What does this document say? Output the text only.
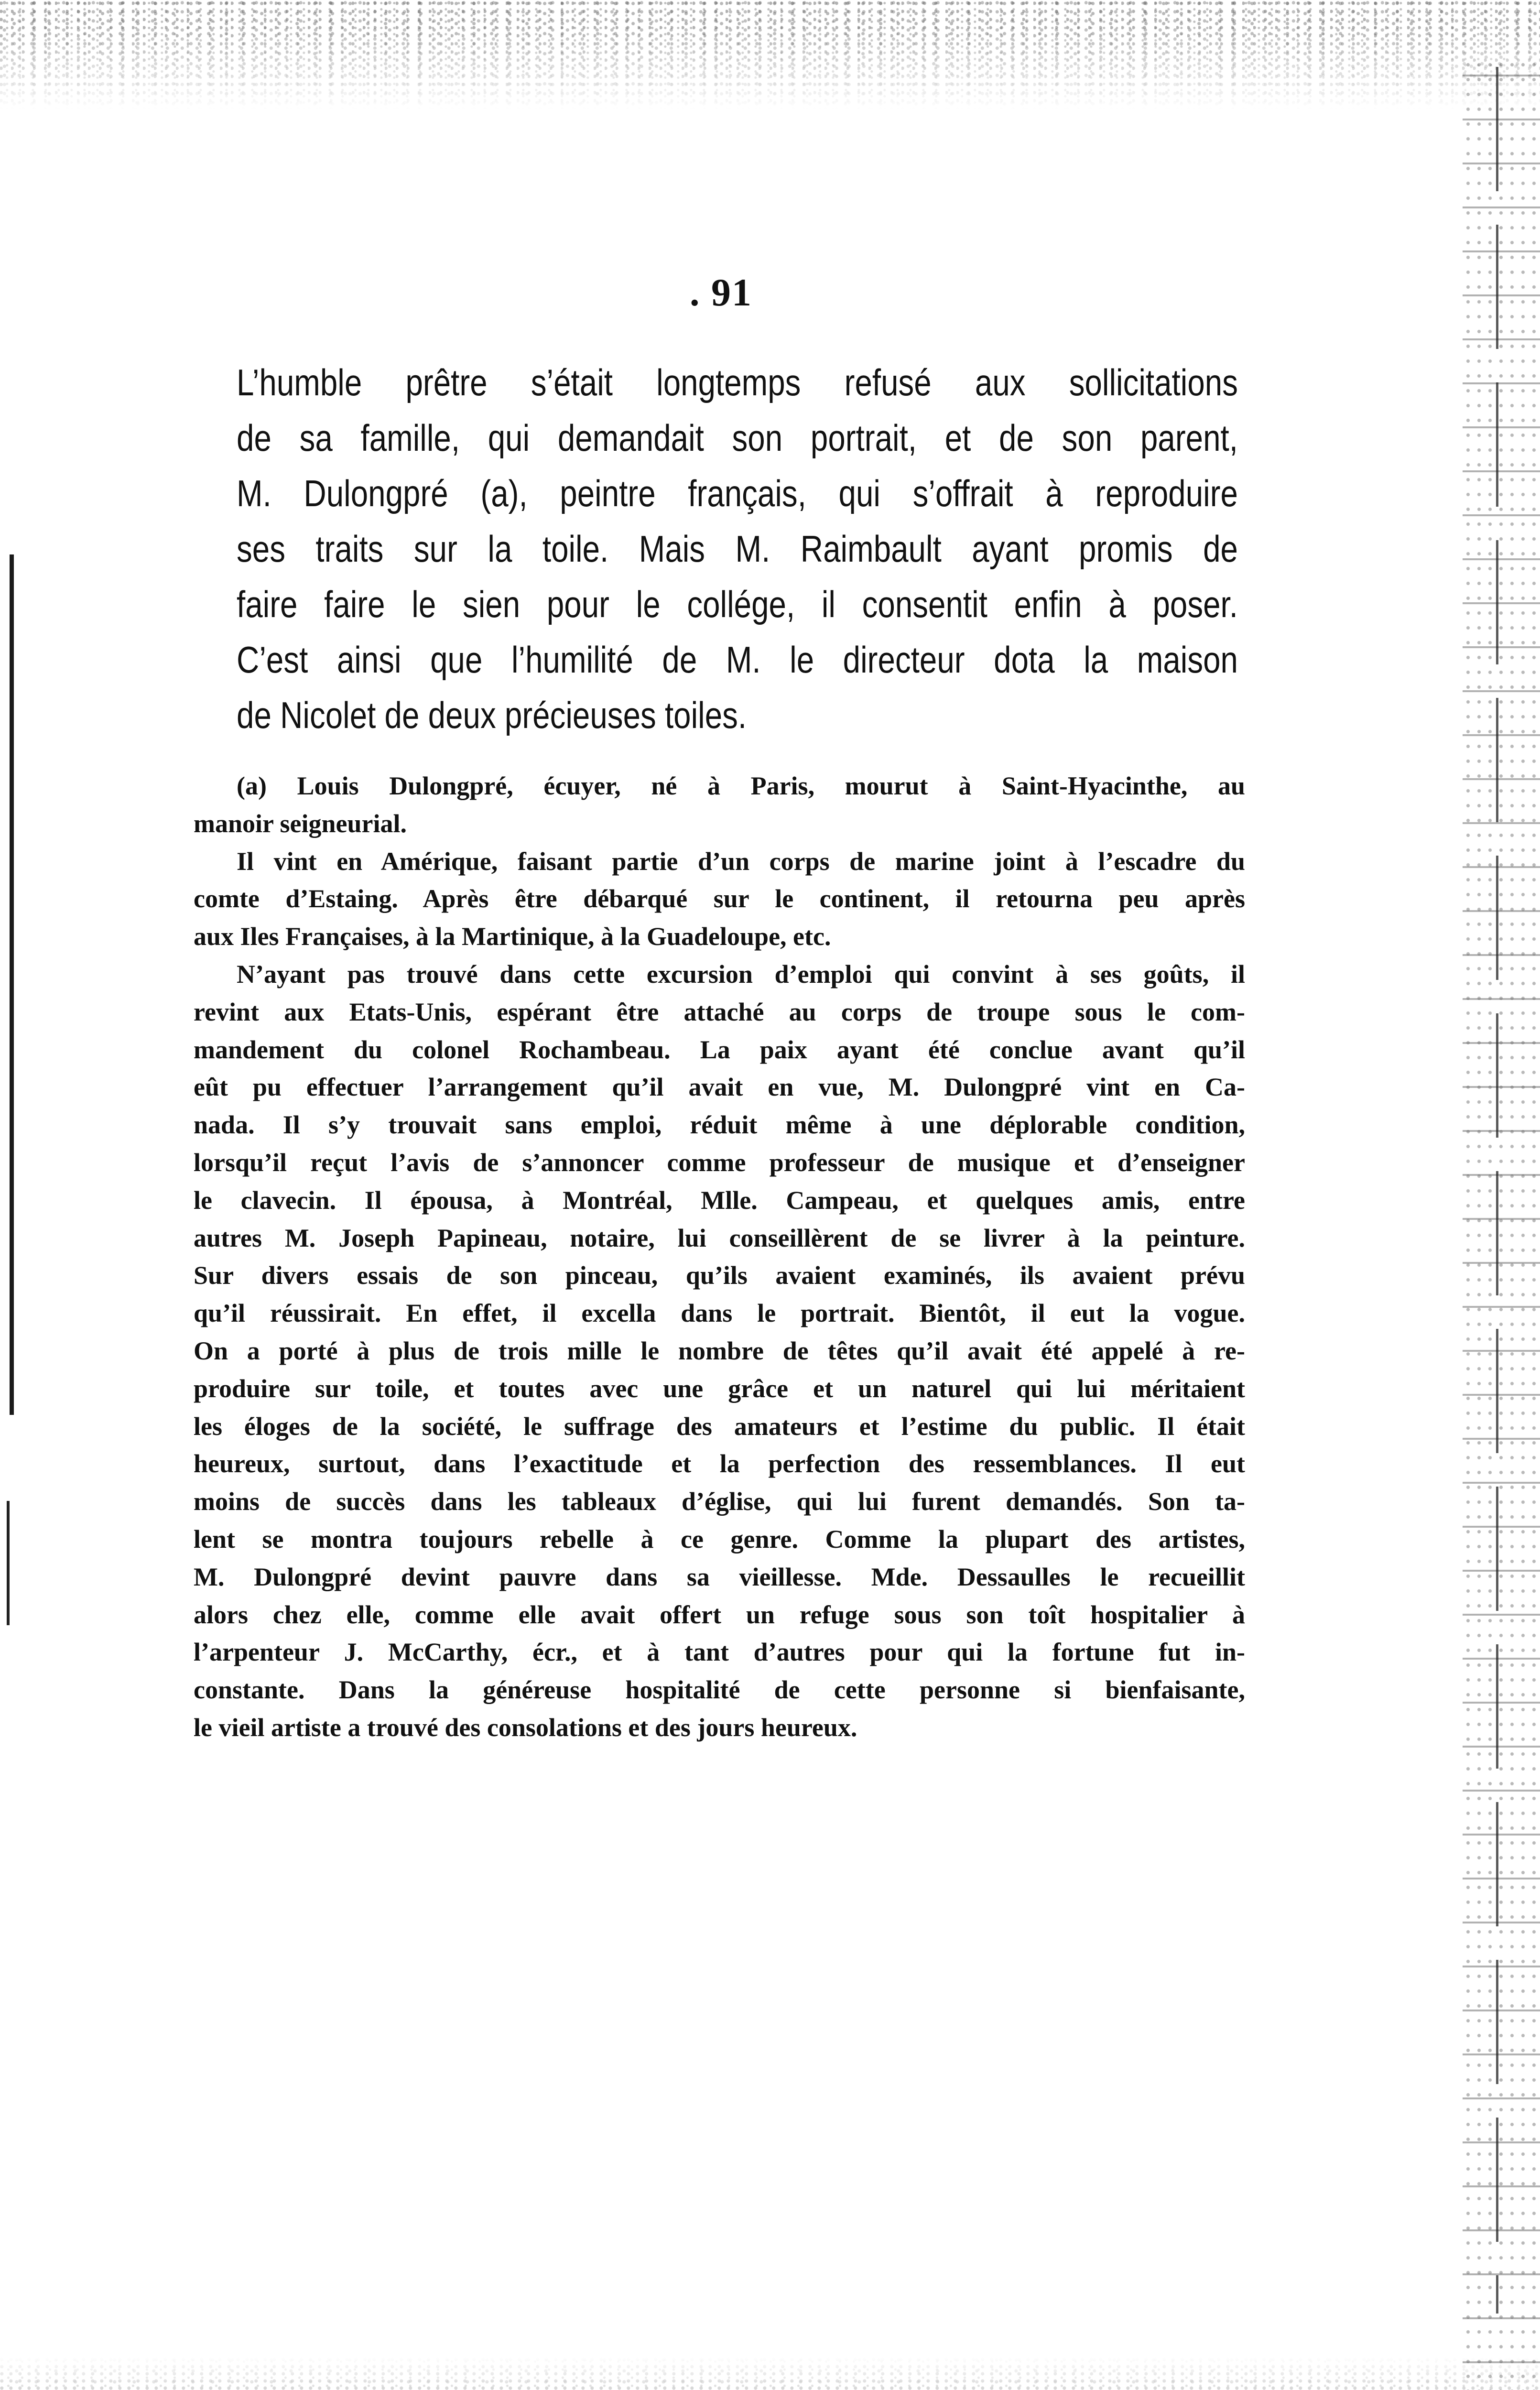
. 91
L’humble prêtre s’était longtemps refusé aux sollicitations
de sa famille, qui demandait son portrait, et de son parent,
M. Dulongpré (a), peintre français, qui s’offrait à reproduire
ses traits sur la toile. Mais M. Raimbault ayant promis de
faire faire le sien pour le collége, il consentit enfin à poser.
C’est ainsi que l’humilité de M. le directeur dota la maison
de Nicolet de deux précieuses toiles.

(a) Louis Dulongpré, écuyer, né à Paris, mourut à Saint-Hyacinthe, au
manoir seigneurial.

Il vint en Amérique, faisant partie d’un corps de marine joint à l’escadre du
comte d’Estaing. Après être débarqué sur le continent, il retourna peu après
aux Iles Françaises, à la Martinique, à la Guadeloupe, etc.

N’ayant pas trouvé dans cette excursion d’emploi qui convint à ses goûts, il
revint aux Etats-Unis, espérant être attaché au corps de troupe sous le com-
mandement du colonel Rochambeau. La paix ayant été conclue avant qu’il
eût pu effectuer l’arrangement qu’il avait en vue, M. Dulongpré vint en Ca-
nada. Il s’y trouvait sans emploi, réduit même à une déplorable condition,
lorsqu’il reçut l’avis de s’annoncer comme professeur de musique et d’enseigner
le clavecin. Il épousa, à Montréal, Mlle. Campeau, et quelques amis, entre
autres M. Joseph Papineau, notaire, lui conseillèrent de se livrer à la peinture.
Sur divers essais de son pinceau, qu’ils avaient examinés, ils avaient prévu
qu’il réussirait. En effet, il excella dans le portrait. Bientôt, il eut la vogue.
On a porté à plus de trois mille le nombre de têtes qu’il avait été appelé à re-
produire sur toile, et toutes avec une grâce et un naturel qui lui méritaient
les éloges de la société, le suffrage des amateurs et l’estime du public. Il était
heureux, surtout, dans l’exactitude et la perfection des ressemblances. Il eut
moins de succès dans les tableaux d’église, qui lui furent demandés. Son ta-
lent se montra toujours rebelle à ce genre. Comme la plupart des artistes,
M. Dulongpré devint pauvre dans sa vieillesse. Mde. Dessaulles le recueillit
alors chez elle, comme elle avait offert un refuge sous son toît hospitalier à
l’arpenteur J. McCarthy, écr., et à tant d’autres pour qui la fortune fut in-
constante. Dans la généreuse hospitalité de cette personne si bienfaisante,
le vieil artiste a trouvé des consolations et des jours heureux.
